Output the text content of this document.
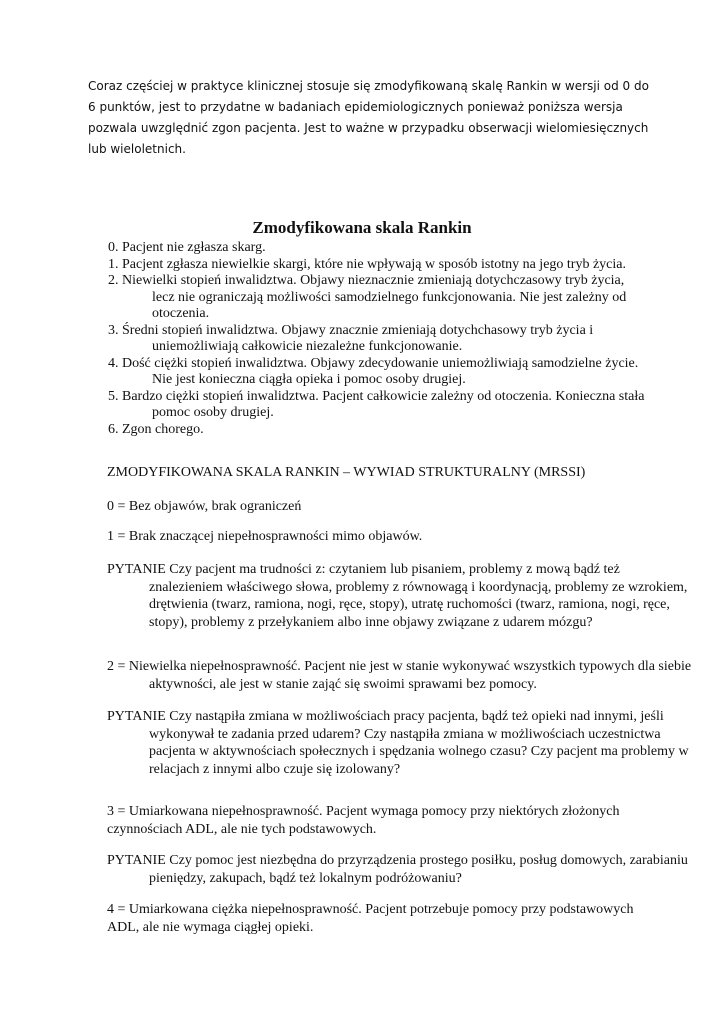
Coraz częściej w praktyce klinicznej stosuje się zmodyfikowaną skalę Rankin w wersji od 0 do 6 punktów, jest to przydatne w badaniach epidemiologicznych ponieważ poniższa wersja pozwala uwzględnić zgon pacjenta. Jest to ważne w przypadku obserwacji wielomiesięcznych lub wieloletnich.
Zmodyfikowana skala Rankin
0. Pacjent nie zgłasza skarg.
1. Pacjent zgłasza niewielkie skargi, które nie wpływają w sposób istotny na jego tryb życia.
2. Niewielki stopień inwalidztwa. Objawy nieznacznie zmieniają dotychczasowy tryb życia, lecz nie ograniczają możliwości samodzielnego funkcjonowania. Nie jest zależny od otoczenia.
3. Średni stopień inwalidztwa. Objawy znacznie zmieniają dotychchasowy tryb życia i uniemożliwiają całkowicie niezależne funkcjonowanie.
4. Dość ciężki stopień inwalidztwa. Objawy zdecydowanie uniemożliwiają samodzielne życie. Nie jest konieczna ciągła opieka i pomoc osoby drugiej.
5. Bardzo ciężki stopień inwalidztwa. Pacjent całkowicie zależny od otoczenia. Konieczna stała pomoc osoby drugiej.
6. Zgon chorego.
ZMODYFIKOWANA SKALA RANKIN – WYWIAD STRUKTURALNY (MRSSI)
0 = Bez objawów, brak ograniczeń
1 = Brak znaczącej niepełnosprawności mimo objawów.
PYTANIE Czy pacjent ma trudności z: czytaniem lub pisaniem, problemy z mową bądź też znalezieniem właściwego słowa, problemy z równowagą i koordynacją, problemy ze wzrokiem, drętwienia (twarz, ramiona, nogi, ręce, stopy), utratę ruchomości (twarz, ramiona, nogi, ręce, stopy), problemy z przełykaniem albo inne objawy związane z udarem mózgu?
2 = Niewielka niepełnosprawność. Pacjent nie jest w stanie wykonywać wszystkich typowych dla siebie aktywności, ale jest w stanie zająć się swoimi sprawami bez pomocy.
PYTANIE Czy nastąpiła zmiana w możliwościach pracy pacjenta, bądź też opieki nad innymi, jeśli wykonywał te zadania przed udarem? Czy nastąpiła zmiana w możliwościach uczestnictwa pacjenta w aktywnościach społecznych i spędzania wolnego czasu? Czy pacjent ma problemy w relacjach z innymi albo czuje się izolowany?
3 = Umiarkowana niepełnosprawność. Pacjent wymaga pomocy przy niektórych złożonych czynnościach ADL, ale nie tych podstawowych.
PYTANIE Czy pomoc jest niezbędna do przyrządzenia prostego posiłku, posług domowych, zarabianiu pieniędzy, zakupach, bądź też lokalnym podróżowaniu?
4 = Umiarkowana ciężka niepełnosprawność. Pacjent potrzebuje pomocy przy podstawowych ADL, ale nie wymaga ciągłej opieki.
